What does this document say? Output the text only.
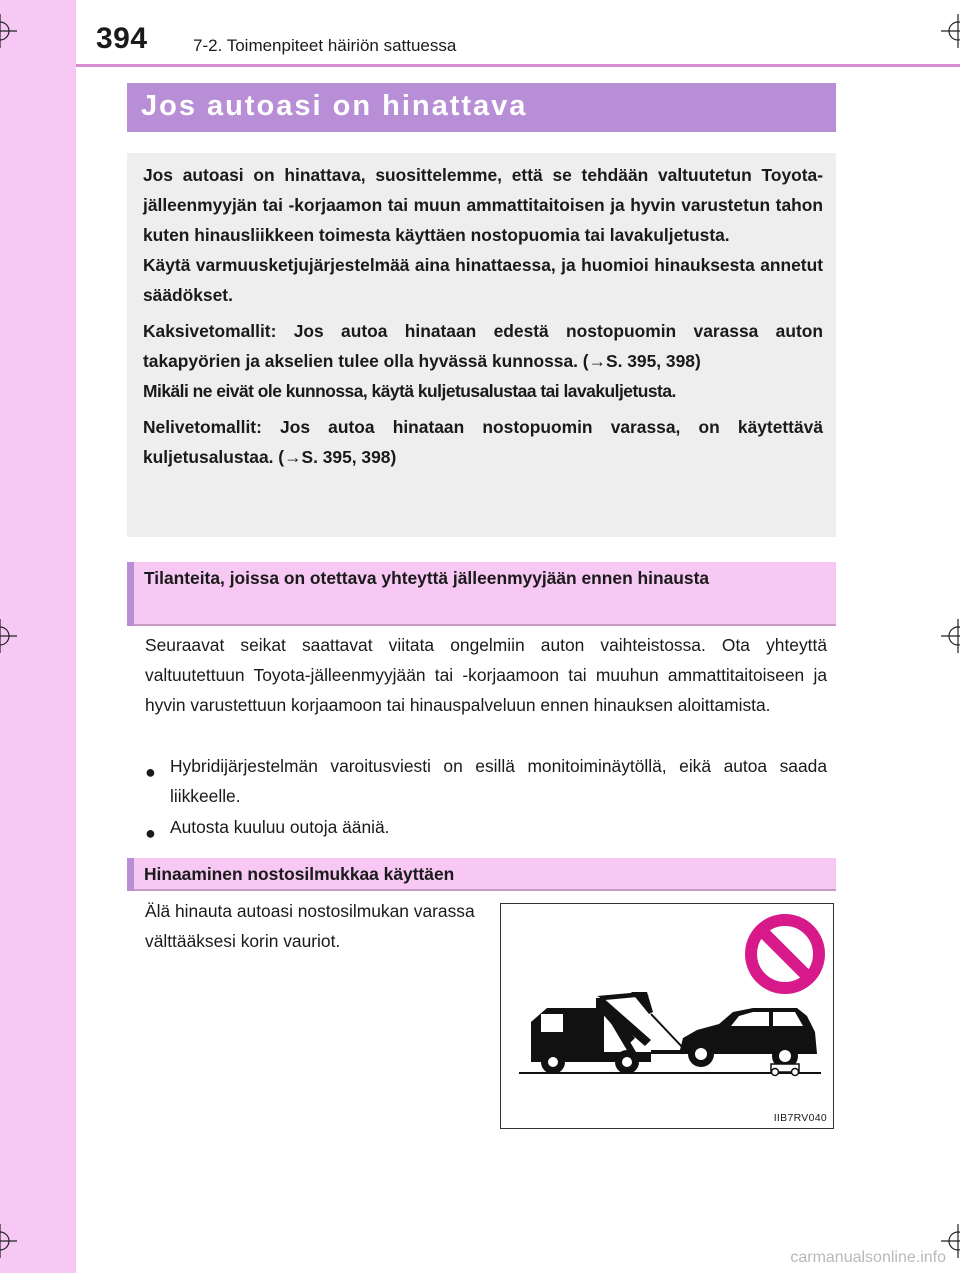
394	7-2. Toimenpiteet häiriön sattuessa
Jos autoasi on hinattava

Jos autoasi on hinattava, suosittelemme, että se tehdään valtuutetun Toyota-jälleenmyyjän tai -korjaamon tai muun ammattitaitoisen ja hyvin varustetun tahon kuten hinausliikkeen toimesta käyttäen nostopuomia tai lavakuljetusta.

Käytä varmuusketjujärjestelmää aina hinattaessa, ja huomioi hinauksesta annetut säädökset.

Kaksivetomallit: Jos autoa hinataan edestä nostopuomin varassa auton takapyörien ja akselien tulee olla hyvässä kunnossa. (→S. 395, 398)

Mikäli ne eivät ole kunnossa, käytä kuljetusalustaa tai lavakuljetusta.

Nelivetomallit: Jos autoa hinataan nostopuomin varassa, on käytettävä kuljetusalustaa. (→S. 395, 398)

Tilanteita, joissa on otettava yhteyttä jälleenmyyjään ennen hinausta
Seuraavat seikat saattavat viitata ongelmiin auton vaihteistossa. Ota yhteyttä valtuutettuun Toyota-jälleenmyyjään tai -korjaamoon tai muuhun ammattitaitoiseen ja hyvin varustettuun korjaamoon tai hinauspalveluun ennen hinauksen aloittamista.
● Hybridijärjestelmän varoitusviesti on esillä monitoiminäytöllä, eikä autoa saada liikkeelle.
● Autosta kuuluu outoja ääniä.
Hinaaminen nostosilmukkaa käyttäen
Älä hinauta autoasi nostosilmukan varassa välttääksesi korin vauriot.
IIB7RV040
carmanualsonline.info
